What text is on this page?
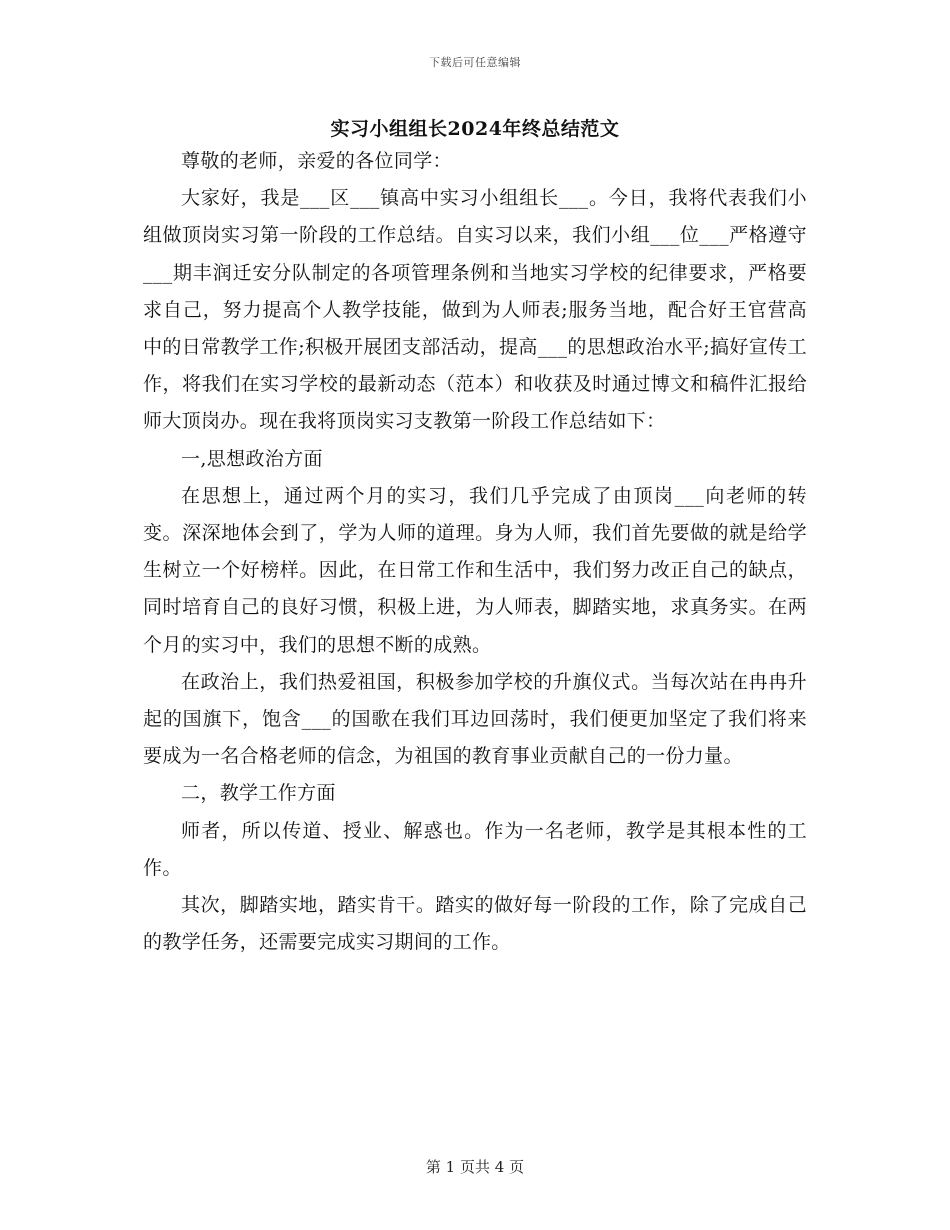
下载后可任意编辑
实习小组组长2024年终总结范文

尊敬的老师，亲爱的各位同学：

大家好，我是___区___镇高中实习小组组长___。今日，我将代表我们小组做顶岗实习第一阶段的工作总结。自实习以来，我们小组___位___严格遵守___期丰润迁安分队制定的各项管理条例和当地实习学校的纪律要求，严格要求自己，努力提高个人教学技能，做到为人师表;服务当地，配合好王官营高中的日常教学工作;积极开展团支部活动，提高___的思想政治水平;搞好宣传工作，将我们在实习学校的最新动态（范本）和收获及时通过博文和稿件汇报给师大顶岗办。现在我将顶岗实习支教第一阶段工作总结如下：

一,思想政治方面

在思想上，通过两个月的实习，我们几乎完成了由顶岗___向老师的转变。深深地体会到了，学为人师的道理。身为人师，我们首先要做的就是给学生树立一个好榜样。因此，在日常工作和生活中，我们努力改正自己的缺点，同时培育自己的良好习惯，积极上进，为人师表，脚踏实地，求真务实。在两个月的实习中，我们的思想不断的成熟。

在政治上，我们热爱祖国，积极参加学校的升旗仪式。当每次站在冉冉升起的国旗下，饱含___的国歌在我们耳边回荡时，我们便更加坚定了我们将来要成为一名合格老师的信念，为祖国的教育事业贡献自己的一份力量。

二，教学工作方面

师者，所以传道、授业、解惑也。作为一名老师，教学是其根本性的工作。

其次，脚踏实地，踏实肯干。踏实的做好每一阶段的工作，除了完成自己的教学任务，还需要完成实习期间的工作。

第 1 页共 4 页
